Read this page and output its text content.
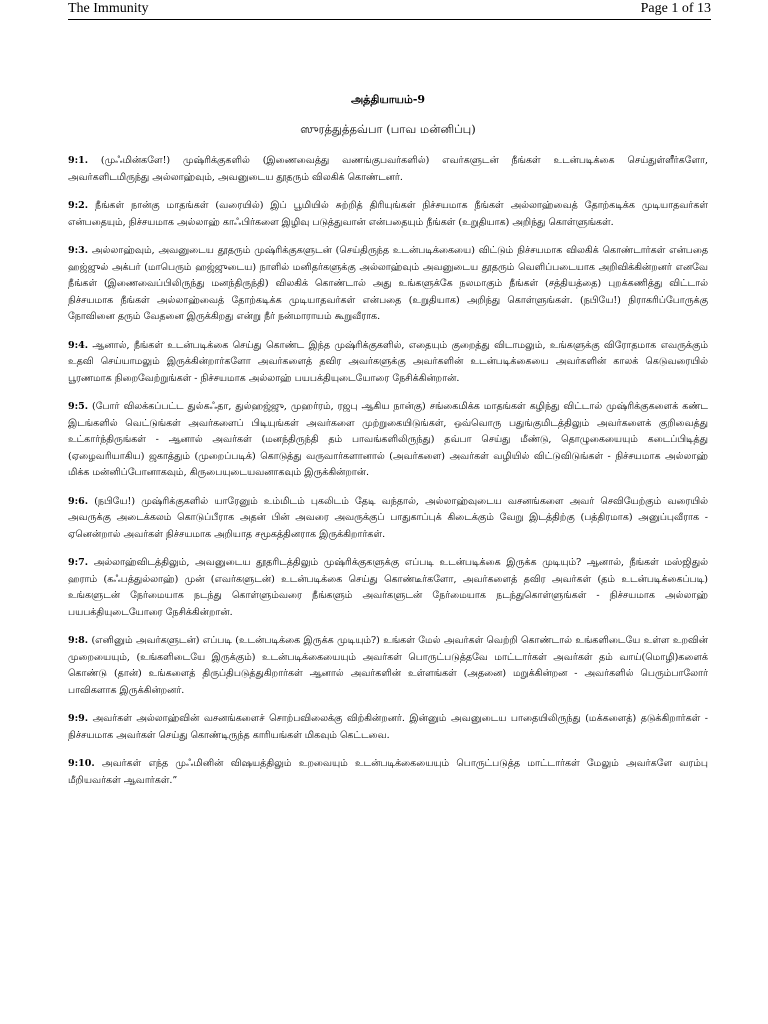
The Immunity	Page 1 of 13
அத்தியாயம்-9
ஸுரத்துத்தவ்பா (பாவ மன்னிப்பு)

9:1. (முஃமின்களே!) முஷ்ரிக்குகளில் (இணைவைத்து வணங்குபவர்களில்) எவர்களுடன் நீங்கள் உடன்படிக்கை செய்துள்ளீர்களோ, அவர்களிடமிருந்து அல்லாஹ்வும், அவனுடைய தூதரும் விலகிக் கொண்டனர்.

9:2. நீங்கள் நான்கு மாதங்கள் (வரையில்) இப் பூமியில் சுற்றித் திரியுங்கள் நிச்சயமாக நீங்கள் அல்லாஹ்வைத் தோற்கடிக்க முடியாதவர்கள் என்பதையும், நிச்சயமாக அல்லாஹ் காஃபிர்களை இழிவு படுத்துவான் என்பதையும் நீங்கள் (உறுதியாக) அறிந்து கொள்ளுங்கள்.

9:3. அல்லாஹ்வும், அவனுடைய தூதரும் முஷ்ரிக்குகளுடன் (செய்திருந்த உடன்படிக்கையை) விட்டும் நிச்சயமாக விலகிக் கொண்டார்கள் என்பதை ஹஜ்ஜுல் அக்பர் (மாபெரும் ஹஜ்ஜுடைய) நாளில் மனிதர்களுக்கு அல்லாஹ்வும் அவனுடைய தூதரும் வெளிப்படையாக அறிவிக்கின்றனர் எனவே நீங்கள் (இணைவைப்பிலிருந்து மனந்திருந்தி) விலகிக் கொண்டால் அது உங்களுக்கே நலமாகும் நீங்கள் (சத்தியத்தை) புறக்கணித்து விட்டால் நிச்சயமாக நீங்கள் அல்லாஹ்வைத் தோற்கடிக்க முடியாதவர்கள் என்பதை (உறுதியாக) அறிந்து கொள்ளுங்கள். (நபியே!) நிராகரிப்போருக்கு நோவினை தரும் வேதனை இருக்கிறது என்று நீர் நன்மாராயம் கூறுவீராக.

9:4. ஆனால், நீங்கள் உடன்படிக்கை செய்து கொண்ட இந்த முஷ்ரிக்குகளில், எதையும் குறைத்து விடாமலும், உங்களுக்கு விரோதமாக எவருக்கும் உதவி செய்யாமலும் இருக்கின்றார்களோ அவர்களைத் தவிர அவர்களுக்கு அவர்களின் உடன்படிக்கையை அவர்களின் காலக் கெடுவரையில் பூரணமாக நிறைவேற்றுங்கள் - நிச்சயமாக அல்லாஹ் பயபக்தியுடையோரை நேசிக்கின்றான்.

9:5. (போர் விலக்கப்பட்ட துல்கஃதா, துல்ஹஜ்ஜு, முஹர்ரம், ரஜபு ஆகிய நான்கு) சங்கைமிக்க மாதங்கள் கழிந்து விட்டால் முஷ்ரிக்குகளைக் கண்ட இடங்களில் வெட்டுங்கள் அவர்களைப் பிடியுங்கள் அவர்களை முற்றுகையிடுங்கள், ஒவ்வொரு பதுங்குமிடத்திலும் அவர்களைக் குறிவைத்து உட்கார்ந்திருங்கள் - ஆனால் அவர்கள் (மனந்திருந்தி தம் பாவங்களிலிருந்து) தவ்பா செய்து மீண்டு, தொழுகையையும் கடைப்பிடித்து (ஏழைவரியாகிய) ஜகாத்தும் (முறைப்படிக்) கொடுத்து வருவார்களானால் (அவர்களை) அவர்கள் வழியில் விட்டுவிடுங்கள் - நிச்சயமாக அல்லாஹ் மிக்க மன்னிப்போனாகவும், கிருபையுடையவனாகவும் இருக்கின்றான்.

9:6. (நபியே!) முஷ்ரிக்குகளில் யாரேனும் உம்மிடம் புகலிடம் தேடி வந்தால், அல்லாஹ்வுடைய வசனங்களை அவர் செவியேற்கும் வரையில் அவருக்கு அடைக்கலம் கொடுப்பீராக அதன் பின் அவரை அவருக்குப் பாதுகாப்புக் கிடைக்கும் வேறு இடத்திற்கு (பத்திரமாக) அனுப்புவீராக - ஏனென்றால் அவர்கள் நிச்சயமாக அறியாத சமூகத்தினராக இருக்கிறார்கள்.

9:7. அல்லாஹ்விடத்திலும், அவனுடைய தூதரிடத்திலும் முஷ்ரிக்குகளுக்கு எப்படி உடன்படிக்கை இருக்க முடியும்? ஆனால், நீங்கள் மஸ்ஜிதுல் ஹராம் (கஃபத்துல்லாஹ்) முன் (எவர்களுடன்) உடன்படிக்கை செய்து கொண்டீர்களோ, அவர்களைத் தவிர அவர்கள் (தம் உடன்படிக்கைப்படி) உங்களுடன் நேர்மையாக நடந்து கொள்ளும்வரை நீங்களும் அவர்களுடன் நேர்மையாக நடந்துகொள்ளுங்கள் - நிச்சயமாக அல்லாஹ் பயபக்தியுடையோரை நேசிக்கின்றான்.

9:8. (எனினும் அவர்களுடன்) எப்படி (உடன்படிக்கை இருக்க முடியும்?) உங்கள் மேல் அவர்கள் வெற்றி கொண்டால் உங்களிடையே உள்ள உறவின் முறையையும், (உங்களிடையே இருக்கும்) உடன்படிக்கையையும் அவர்கள் பொருட்படுத்தவே மாட்டார்கள் அவர்கள் தம் வாய்(மொழி)களைக் கொண்டு (தான்) உங்களைத் திருப்திபடுத்துகிறார்கள் ஆனால் அவர்களின் உள்ளங்கள் (அதனை) மறுக்கின்றன - அவர்களில் பெரும்பாலோர் பாவிகளாக இருக்கின்றனர்.

9:9. அவர்கள் அல்லாஹ்வின் வசனங்களைச் சொற்பவிலைக்கு விற்கின்றனர். இன்னும் அவனுடைய பாதையிலிருந்து (மக்களைத்) தடுக்கிறார்கள் - நிச்சயமாக அவர்கள் செய்து கொண்டிருந்த காரியங்கள் மிகவும் கெட்டவை.

9:10. அவர்கள் எந்த முஃமினின் விஷயத்திலும் உறவையும் உடன்படிக்கையையும் பொருட்படுத்த மாட்டார்கள் மேலும் அவர்களே வரம்பு மீறியவர்கள் ஆவார்கள்.”
